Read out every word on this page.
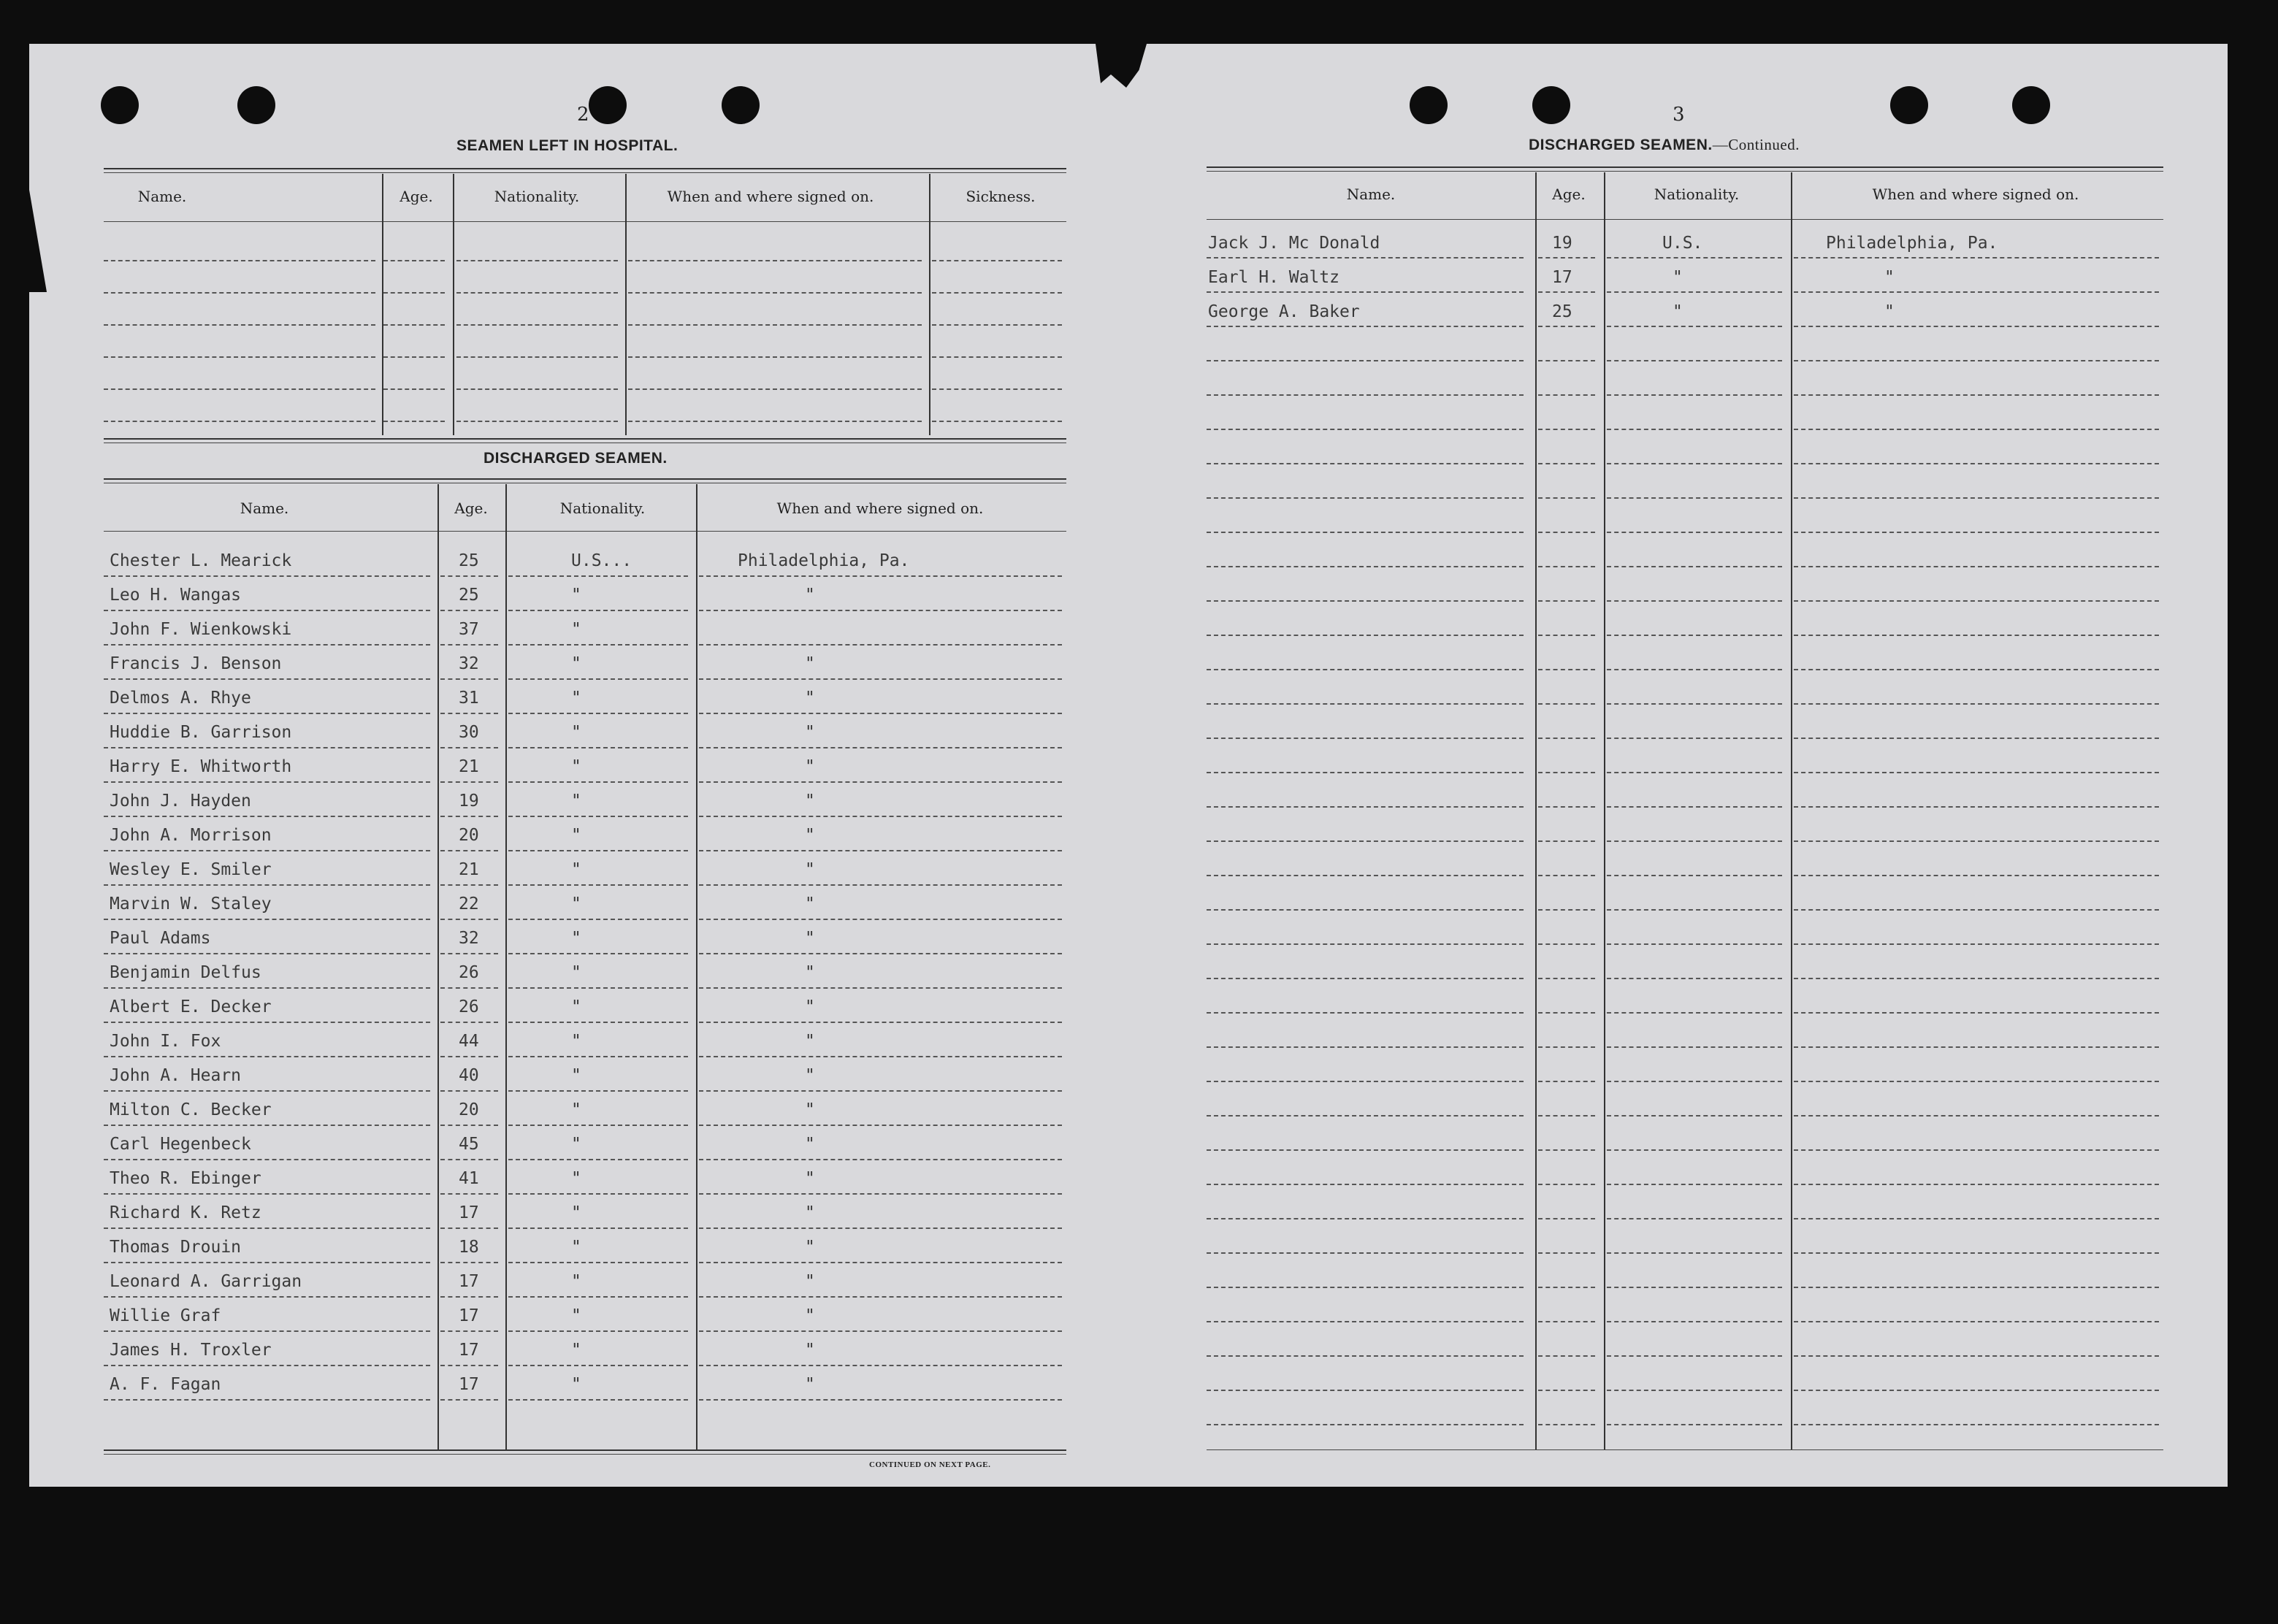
2
SEAMEN LEFT IN HOSPITAL.
Name.	Age.	Nationality.	When and where signed on.	Sickness.
DISCHARGED SEAMEN.
Name.	Age.	Nationality.	When and where signed on.
Chester L. Mearick	25	U.S...	Philadelphia, Pa.
Leo H. Wangas	25	"	"
John F. Wienkowski	37	"
Francis J. Benson	32	"	"
Delmos A. Rhye	31	"	"
Huddie B. Garrison	30	"	"
Harry E. Whitworth	21	"	"
John J. Hayden	19	"	"
John A. Morrison	20	"	"
Wesley E. Smiler	21	"	"
Marvin W. Staley	22	"	"
Paul Adams	32	"	"
Benjamin Delfus	26	"	"
Albert E. Decker	26	"	"
John I. Fox	44	"	"
John A. Hearn	40	"	"
Milton C. Becker	20	"	"
Carl Hegenbeck	45	"	"
Theo R. Ebinger	41	"	"
Richard K. Retz	17	"	"
Thomas Drouin	18	"	"
Leonard A. Garrigan	17	"	"
Willie Graf	17	"	"
James H. Troxler	17	"	"
A. F. Fagan	17	"	"
CONTINUED ON NEXT PAGE.
3
DISCHARGED SEAMEN.—Continued.
Name.	Age.	Nationality.	When and where signed on.
Jack J. Mc Donald	19	U.S.	Philadelphia, Pa.
Earl H. Waltz	17	"	"
George A. Baker	25	"	"
